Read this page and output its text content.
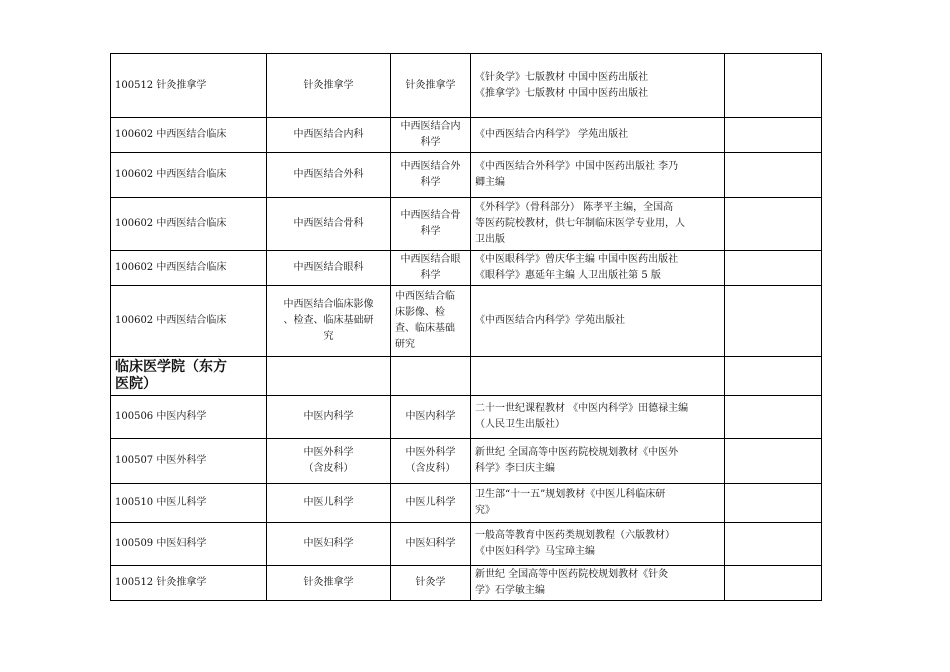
100512 针灸推拿学	针灸推拿学	针灸推拿学	《针灸学》七版教材 中国中医药出版社
《推拿学》七版教材 中国中医药出版社	

100602 中西医结合临床	中西医结合内科	中西医结合内
科学	《中西医结合内科学》 学苑出版社	

100602 中西医结合临床	中西医结合外科	中西医结合外
科学	《中西医结合外科学》中国中医药出版社 李乃
卿主编	

100602 中西医结合临床	中西医结合骨科	中西医结合骨
科学	《外科学》（骨科部分） 陈孝平主编，全国高
等医药院校教材，供七年制临床医学专业用，人
卫出版	

100602 中西医结合临床	中西医结合眼科	中西医结合眼
科学	《中医眼科学》曾庆华主编 中国中医药出版社
《眼科学》惠延年主编 人卫出版社第 5 版	

100602 中西医结合临床	中西医结合临床影像
、检查、临床基础研
究	中西医结合临
床影像、检
查、临床基础
研究	《中西医结合内科学》学苑出版社	

临床医学院（东方
医院）				

100506 中医内科学	中医内科学	中医内科学	二十一世纪课程教材 《中医内科学》田德禄主编
（人民卫生出版社）	

100507 中医外科学	中医外科学
（含皮科）	中医外科学
（含皮科）	新世纪 全国高等中医药院校规划教材《中医外
科学》李曰庆主编	

100510 中医儿科学	中医儿科学	中医儿科学	卫生部“十一五”规划教材《中医儿科临床研
究》	

100509 中医妇科学	中医妇科学	中医妇科学	一般高等教育中医药类规划教程（六版教材）
《中医妇科学》马宝璋主编	

100512 针灸推拿学	针灸推拿学	针灸学	新世纪 全国高等中医药院校规划教材《针灸
学》石学敏主编	
